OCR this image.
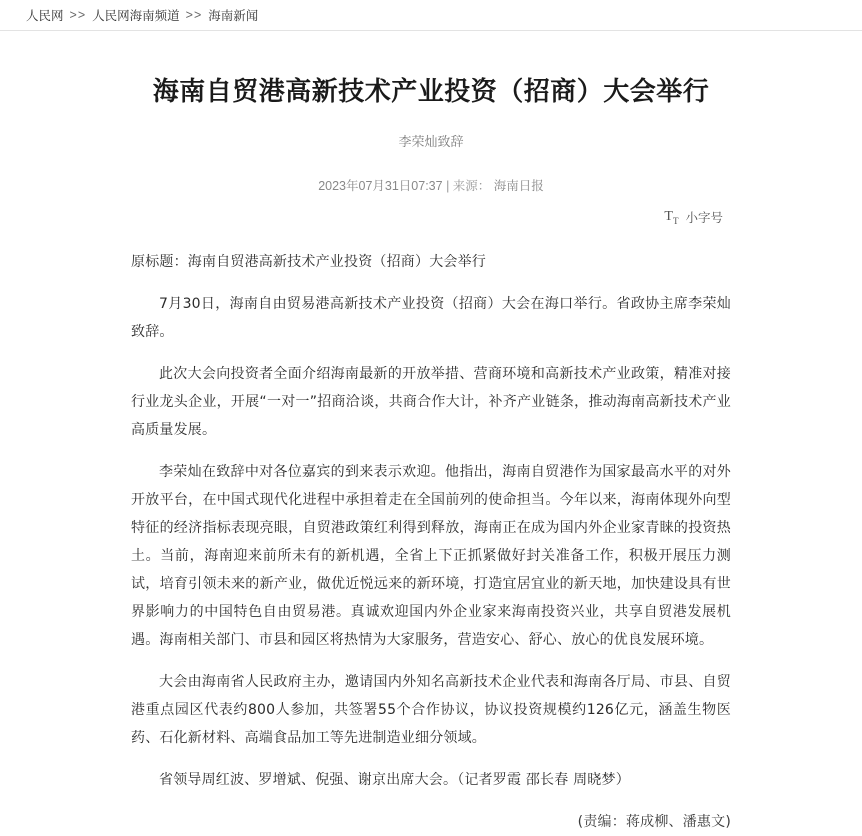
人民网 >> 人民网海南频道 >> 海南新闻
海南自贸港高新技术产业投资（招商）大会举行
李荣灿致辞
2023年07月31日07:37 | 来源： 海南日报
$T_T$ 小字号

原标题：海南自贸港高新技术产业投资（招商）大会举行

7月30日，海南自由贸易港高新技术产业投资（招商）大会在海口举行。省政协主席李荣灿致辞。

此次大会向投资者全面介绍海南最新的开放举措、营商环境和高新技术产业政策，精准对接行业龙头企业，开展“一对一”招商洽谈，共商合作大计，补齐产业链条，推动海南高新技术产业高质量发展。

李荣灿在致辞中对各位嘉宾的到来表示欢迎。他指出，海南自贸港作为国家最高水平的对外开放平台，在中国式现代化进程中承担着走在全国前列的使命担当。今年以来，海南体现外向型特征的经济指标表现亮眼，自贸港政策红利得到释放，海南正在成为国内外企业家青睐的投资热土。当前，海南迎来前所未有的新机遇，全省上下正抓紧做好封关准备工作，积极开展压力测试，培育引领未来的新产业，做优近悦远来的新环境，打造宜居宜业的新天地，加快建设具有世界影响力的中国特色自由贸易港。真诚欢迎国内外企业家来海南投资兴业，共享自贸港发展机遇。海南相关部门、市县和园区将热情为大家服务，营造安心、舒心、放心的优良发展环境。

大会由海南省人民政府主办，邀请国内外知名高新技术企业代表和海南各厅局、市县、自贸港重点园区代表约800人参加，共签署55个合作协议，协议投资规模约126亿元，涵盖生物医药、石化新材料、高端食品加工等先进制造业细分领域。

省领导周红波、罗增斌、倪强、谢京出席大会。（记者罗霞 邵长春 周晓梦）

(责编：蒋成柳、潘惠文)
